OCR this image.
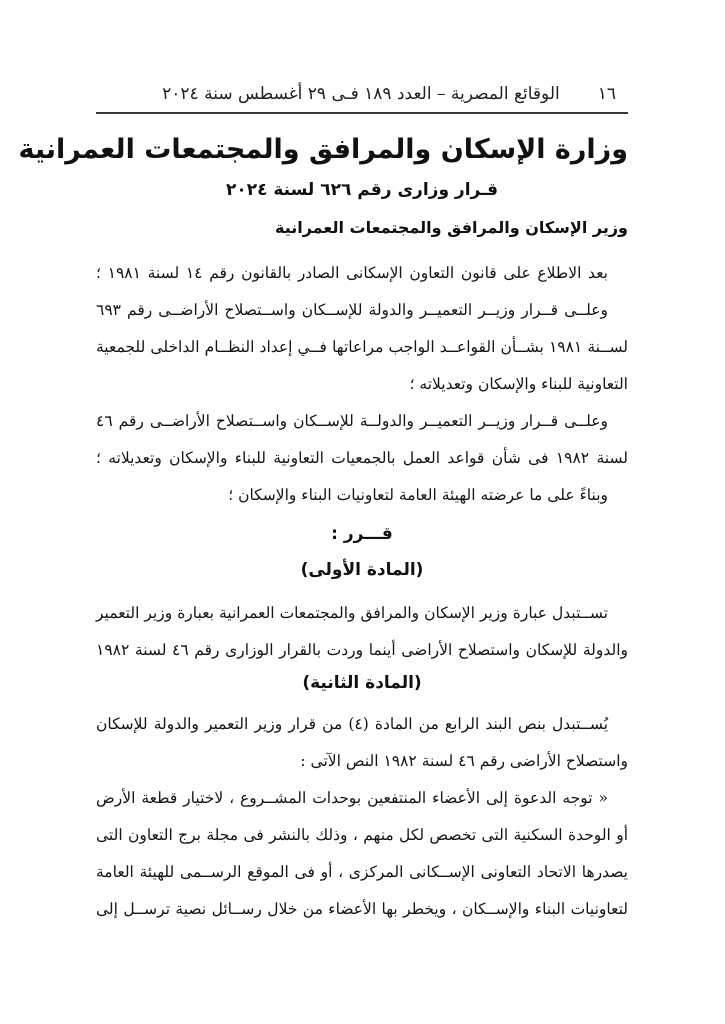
١٦
الوقائع المصرية – العدد ١٨٩ فـى ٢٩ أغسطس سنة ٢٠٢٤
وزارة الإسكان والمرافق والمجتمعات العمرانية
قـرار وزارى رقم ٦٢٦ لسنة ٢٠٢٤
وزير الإسكان والمرافق والمجتمعات العمرانية
بعد الاطلاع على قانون التعاون الإسكانى الصادر بالقانون رقم ١٤ لسنة ١٩٨١ ؛
وعلــى قــرار وزيــر التعميــر والدولة للإســكان واســتصلاح الأراضــى رقم ٦٩٣
لســنة ١٩٨١ بشــأن القواعــد الواجب مراعاتها فــي إعداد النظــام الداخلى للجمعية
التعاونية للبناء والإسكان وتعديلاته ؛
وعلــى قــرار وزيــر التعميــر والدولــة للإســكان واســتصلاح الأراضــى رقم ٤٦
لسنة ١٩٨٢ فى شأن قواعد العمل بالجمعيات التعاونية للبناء والإسكان وتعديلاته ؛
وبناءً على ما عرضته الهيئة العامة لتعاونيات البناء والإسكان ؛
قـــرر :
(المادة الأولى)
تســتبدل عبارة وزير الإسكان والمرافق والمجتمعات العمرانية بعبارة وزير التعمير
والدولة للإسكان واستصلاح الأراضى أينما وردت بالقرار الوزارى رقم ٤٦ لسنة ١٩٨٢
(المادة الثانية)
يُســتبدل بنص البند الرابع من المادة (٤) من قرار وزير التعمير والدولة للإسكان
واستصلاح الأراضى رقم ٤٦ لسنة ١٩٨٢ النص الآتى :
« توجه الدعوة إلى الأعضاء المنتفعين بوحدات المشــروع ، لاختيار قطعة الأرض
أو الوحدة السكنية التى تخصص لكل منهم ، وذلك بالنشر فى مجلة برج التعاون التى
يصدرها الاتحاد التعاونى الإســكانى المركزى ، أو فى الموقع الرســمى للهيئة العامة
لتعاونيات البناء والإســكان ، ويخطر بها الأعضاء من خلال رســائل نصية ترســل إلى
